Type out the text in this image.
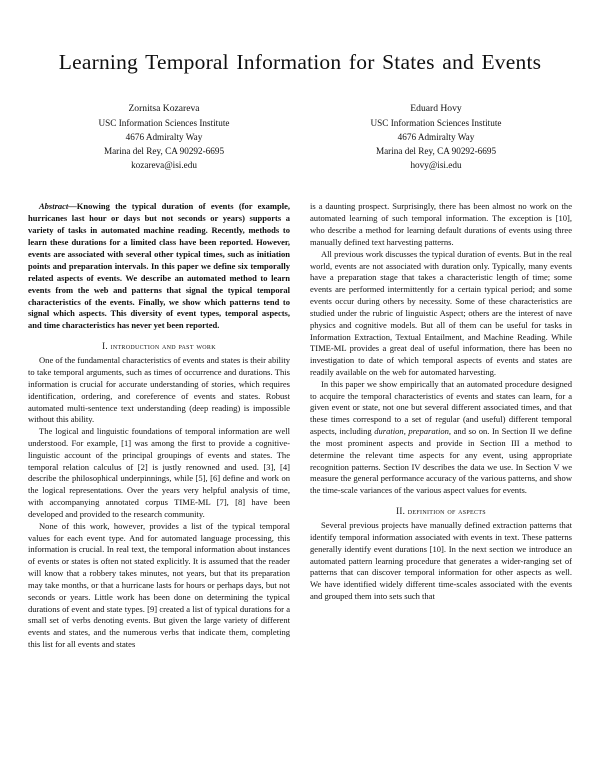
Learning Temporal Information for States and Events
Zornitsa Kozareva
USC Information Sciences Institute
4676 Admiralty Way
Marina del Rey, CA 90292-6695
kozareva@isi.edu
Eduard Hovy
USC Information Sciences Institute
4676 Admiralty Way
Marina del Rey, CA 90292-6695
hovy@isi.edu

Abstract—Knowing the typical duration of events (for example, hurricanes last hour or days but not seconds or years) supports a variety of tasks in automated machine reading. Recently, methods to learn these durations for a limited class have been reported. However, events are associated with several other typical times, such as initiation points and preparation intervals. In this paper we define six temporally related aspects of events. We describe an automated method to learn events from the web and patterns that signal the typical temporal characteristics of the events. Finally, we show which patterns tend to signal which aspects. This diversity of event types, temporal aspects, and time characteristics has never yet been reported.

I. introduction and past work

One of the fundamental characteristics of events and states is their ability to take temporal arguments, such as times of occurrence and durations. This information is crucial for accurate understanding of stories, which requires identification, ordering, and coreference of events and states. Robust automated multi-sentence text understanding (deep reading) is impossible without this ability.

The logical and linguistic foundations of temporal information are well understood. For example, [1] was among the first to provide a cognitive-linguistic account of the principal groupings of events and states. The temporal relation calculus of [2] is justly renowned and used. [3], [4] describe the philosophical underpinnings, while [5], [6] define and work on the logical representations. Over the years very helpful analysis of time, with accompanying annotated corpus TIME-ML [7], [8] have been developed and provided to the research community.

None of this work, however, provides a list of the typical temporal values for each event type. And for automated language processing, this information is crucial. In real text, the temporal information about instances of events or states is often not stated explicitly. It is assumed that the reader will know that a robbery takes minutes, not years, but that its preparation may take months, or that a hurricane lasts for hours or perhaps days, but not seconds or years. Little work has been done on determining the typical durations of event and state types. [9] created a list of typical durations for a small set of verbs denoting events. But given the large variety of different events and states, and the numerous verbs that indicate them, completing this list for all events and states

is a daunting prospect. Surprisingly, there has been almost no work on the automated learning of such temporal information. The exception is [10], who describe a method for learning default durations of events using three manually defined text harvesting patterns.

All previous work discusses the typical duration of events. But in the real world, events are not associated with duration only. Typically, many events have a preparation stage that takes a characteristic length of time; some events are performed intermittently for a certain typical period; and some events occur during others by necessity. Some of these characteristics are studied under the rubric of linguistic Aspect; others are the interest of nave physics and cognitive models. But all of them can be useful for tasks in Information Extraction, Textual Entailment, and Machine Reading. While TIME-ML provides a great deal of useful information, there has been no investigation to date of which temporal aspects of events and states are readily available on the web for automated harvesting.

In this paper we show empirically that an automated procedure designed to acquire the temporal characteristics of events and states can learn, for a given event or state, not one but several different associated times, and that these times correspond to a set of regular (and useful) different temporal aspects, including duration, preparation, and so on. In Section II we define the most prominent aspects and provide in Section III a method to determine the relevant time aspects for any event, using appropriate recognition patterns. Section IV describes the data we use. In Section V we measure the general performance accuracy of the various patterns, and show the time-scale variances of the various aspect values for events.

II. definition of aspects

Several previous projects have manually defined extraction patterns that identify temporal information associated with events in text. These patterns generally identify event durations [10]. In the next section we introduce an automated pattern learning procedure that generates a wider-ranging set of patterns that can discover temporal information for other aspects as well. We have identified widely different time-scales associated with the events and grouped them into sets such that
